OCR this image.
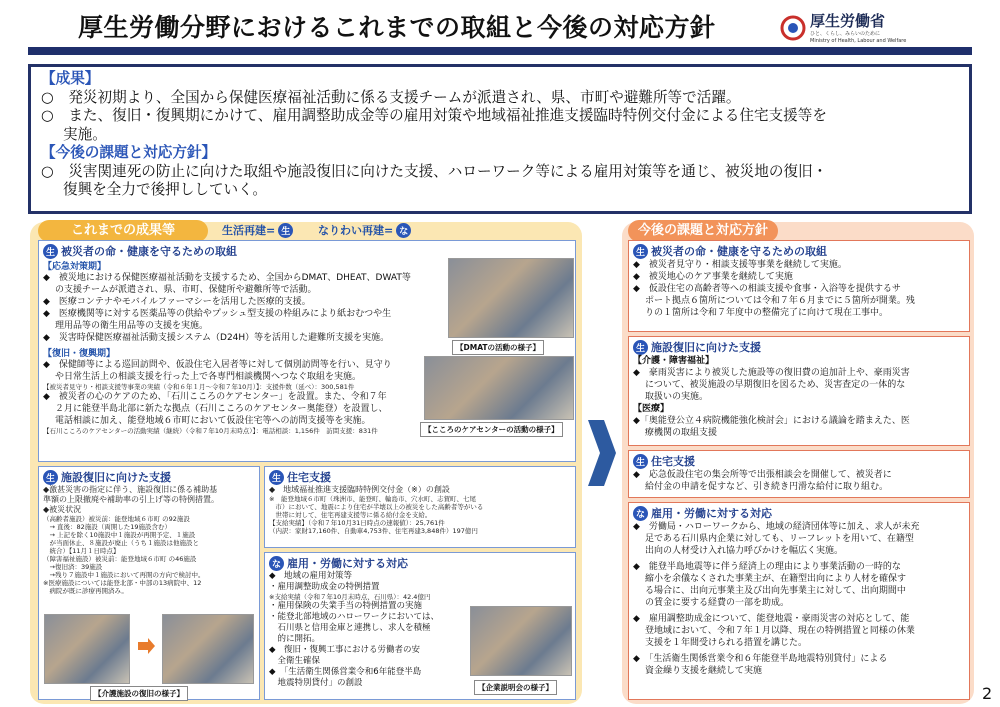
厚生労働分野におけるこれまでの取組と今後の対応方針	厚生労働省
ひと、くらし、みらいのために
Ministry of Health, Labour and Welfare
【成果】
○　発災初期より、全国から保健医療福祉活動に係る支援チームが派遣され、県、市町や避難所等で活躍。
○　また、復旧・復興期にかけて、雇用調整助成金等の雇用対策や地域福祉推進支援臨時特例交付金による住宅支援等を
実施。
【今後の課題と対応方針】
○　災害関連死の防止に向けた取組や施設復旧に向けた支援、ハローワーク等による雇用対策等を通じ、被災地の復旧・
復興を全力で後押ししていく。
これまでの成果等	生活再建= 生	なりわい再建= な
生 被災者の命・健康を守るための取組
【応急対策期】
◆　被災地における保健医療福祉活動を支援するため、全国からDMAT、DHEAT、DWAT等
の支援チームが派遣され、県、市町、保健所や避難所等で活動。
◆　医療コンテナやモバイルファーマシーを活用した医療的支援。
◆　医療機関等に対する医薬品等の供給やプッシュ型支援の枠組みにより紙おむつや生
理用品等の衛生用品等の支援を実施。
◆　災害時保健医療福祉活動支援システム（D24H）等を活用した避難所支援を実施。
【復旧・復興期】
◆　保健師等による巡回訪問や、仮設住宅入居者等に対して個別訪問等を行い、見守り
や日常生活上の相談支援を行った上で各専門相談機関へつなぐ取組を実施。
【被災者見守り・相談支援等事業の実績（令和６年１月～令和７年10月）】：支援件数（延べ）：300,581件
◆　被災者の心のケアのため、「石川こころのケアセンター」を設置。また、令和７年
２月に能登半島北部に新たな拠点（石川こころのケアセンター奥能登）を設置し、
電話相談に加え、能登地域６市町において仮設住宅等への訪問支援等を実施。
【石川こころのケアセンターの活動実績（継続）（令和７年10月末時点）】：電話相談：1,156件　訪問支援：831件
【DMATの活動の様子】
【こころのケアセンターの活動の様子】
生 施設復旧に向けた支援
◆激甚災害の指定に伴う、施設復旧に係る補助基
準額の上限撤廃や補助率の引上げ等の特例措置。
◆被災状況
（高齢者施設）被災前：能登地域６市町 の92施設
　→ 直後：82施設（両開した19施設含む）
　→ 上記を除く10施設中１施設が再開予定、１施設
　が当面休止、８施設が廃止（うち１施設は他施設と
　統合）【11月１日時点】
（障害福祉施設）被災前：能登地域６市町 の46施設
　→復旧済：39施設
　→残り７施設中１施設において再開の方向で検討中。
※医療施設については能登北部・中部の13病院中、12
　病院が既に診療再開済み。
【介護施設の復旧の様子】
生 住宅支援
◆　地域福祉推進支援臨時特例交付金（※）の創設
※　能登地域６市町（珠洲市、能登町、輪島市、穴水町、志賀町、七尾
　市）において、地震により住宅が半壊以上の被災をした高齢者等がいる
　世帯に対して、住宅再建支援等に係る給付金を支給。
【支給実績】（令和７年10月31日時点の速報値）：25,761件
（内訳：家財17,160件、自動車4,753件、住宅再建3,848件）197億円
な 雇用・労働に対する対応
◆　地域の雇用対策等
・雇用調整助成金の特例措置
※支給実績（令和７年10月末時点、石川県）：42.4億円
・雇用保険の失業手当の特例措置の実施
・能登北部地域のハローワークにおいては、
　石川県と信用金庫と連携し、求人を積極
　的に開拓。
◆　復旧・復興工事における労働者の安
　全衛生確保
◆　「生活衛生関係営業令和6年能登半島
　地震特別貸付」の創設	【企業説明会の様子】
今後の課題と対応方針
生 被災者の命・健康を守るための取組
◆　被災者見守り・相談支援等事業を継続して実施。
◆　被災地心のケア事業を継続して実施
◆　仮設住宅の高齢者等への相談支援や食事・入浴等を提供するサ
ポート拠点６箇所については令和７年６月までに５箇所が開業。残
りの１箇所は令和７年度中の整備完了に向けて現在工事中。
生 施設復旧に向けた支援
【介護・障害福祉】
◆　豪雨災害により被災した施設等の復旧費の追加計上や、豪雨災害
について、被災施設の早期復旧を図るため、災害査定の一体的な
取扱いの実施。
【医療】
◆「奥能登公立４病院機能強化検討会」における議論を踏まえた、医
療機関の取組支援
生 住宅支援
◆　応急仮設住宅の集会所等で出張相談会を開催して、被災者に
給付金の申請を促すなど、引き続き円滑な給付に取り組む。
な 雇用・労働に対する対応
◆　労働局・ハローワークから、地域の経済団体等に加え、求人が未充
足である石川県内企業に対しても、リーフレットを用いて、在籍型
出向の人材受け入れ協力呼びかけを幅広く実施。
◆　能登半島地震等に伴う経済上の理由により事業活動の一時的な
縮小を余儀なくされた事業主が、在籍型出向により人材を確保す
る場合に、出向元事業主及び出向先事業主に対して、出向期間中
の賃金に要する経費の一部を助成。
◆　雇用調整助成金について、能登地震・豪雨災害の対応として、能
登地域において、令和７年１月以降、現在の特例措置と同様の休業
支援を１年間受けられる措置を講じた。
◆　「生活衛生関係営業令和６年能登半島地震特別貸付」による
資金繰り支援を継続して実施
2
